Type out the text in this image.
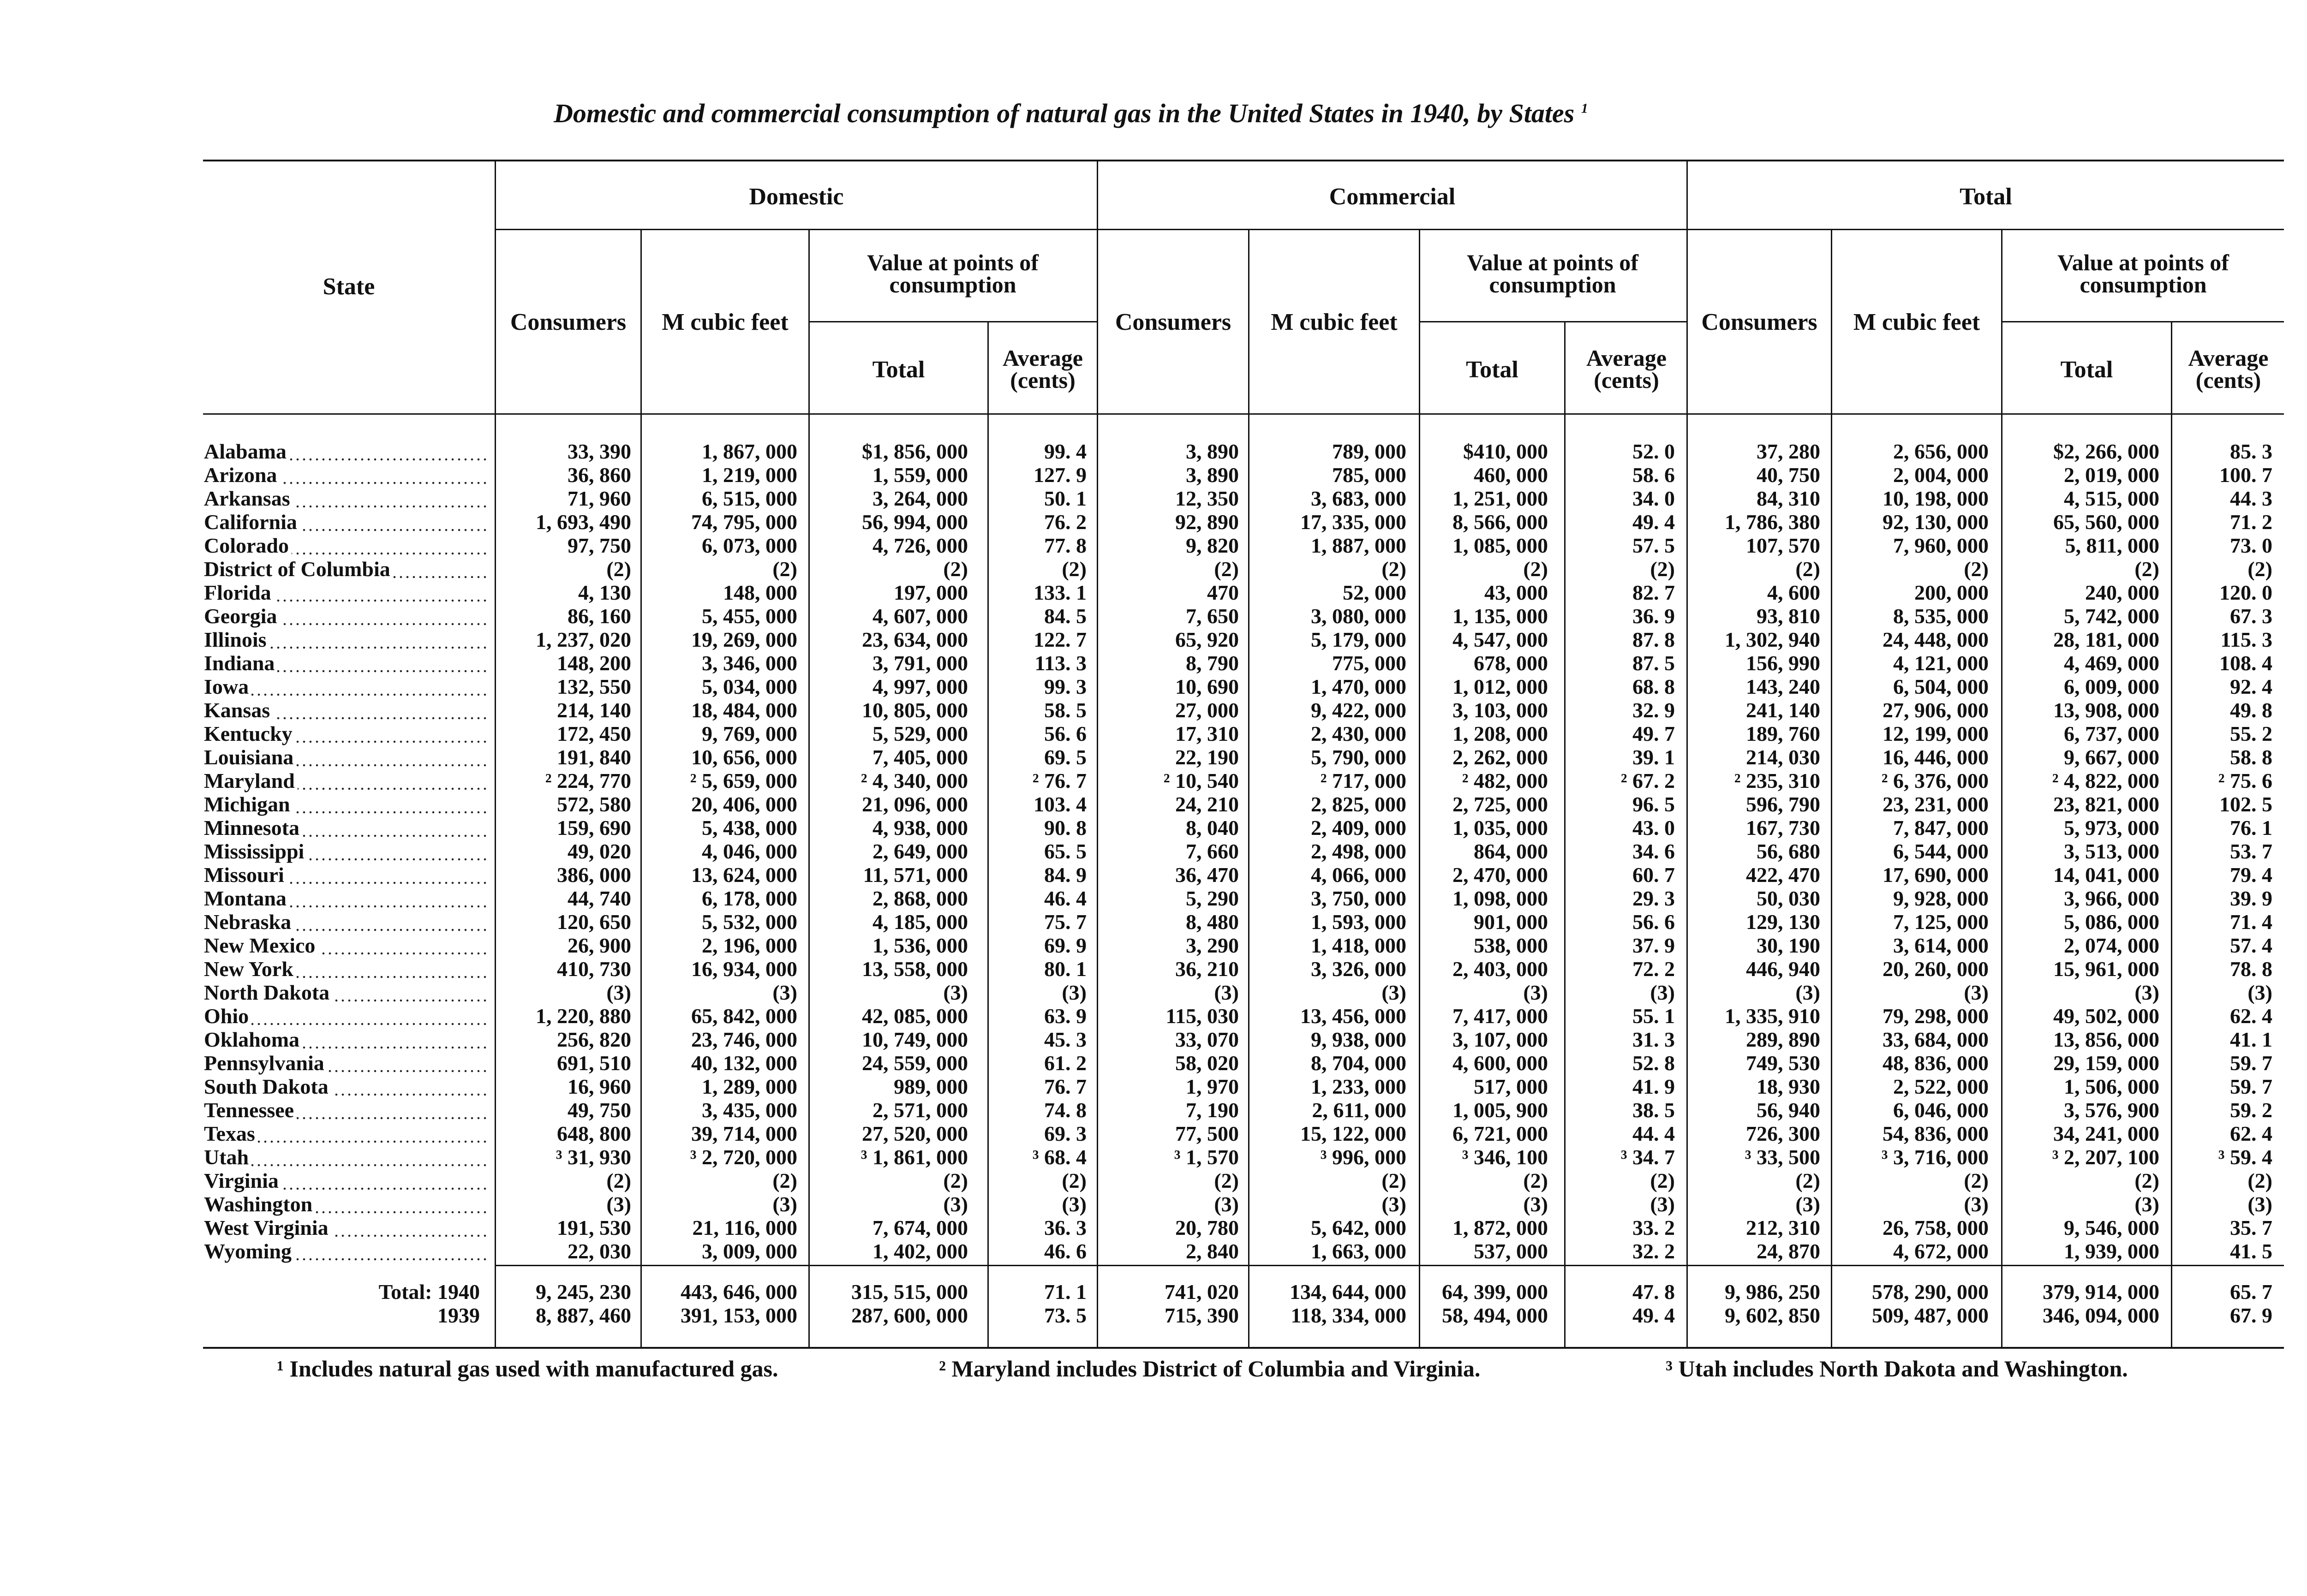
Domestic and commercial consumption of natural gas in the United States in 1940, by States $^1$
State
Domestic	Commercial	Total
Consumers	M cubic feet
Value at points of consumption
Total	Average (cents)
Consumers	M cubic feet
Value at points of consumption
Total	Average (cents)
Consumers	M cubic feet
Value at points of consumption
Total	Average (cents)
Alabama	33, 390	1, 867, 000	$1, 856, 000	99. 4	3, 890	789, 000	$410, 000	52. 0	37, 280	2, 656, 000	$2, 266, 000	85. 3
Arizona	36, 860	1, 219, 000	1, 559, 000	127. 9	3, 890	785, 000	460, 000	58. 6	40, 750	2, 004, 000	2, 019, 000	100. 7
Arkansas	71, 960	6, 515, 000	3, 264, 000	50. 1	12, 350	3, 683, 000	1, 251, 000	34. 0	84, 310	10, 198, 000	4, 515, 000	44. 3
California	1, 693, 490	74, 795, 000	56, 994, 000	76. 2	92, 890	17, 335, 000	8, 566, 000	49. 4	1, 786, 380	92, 130, 000	65, 560, 000	71. 2
Colorado	97, 750	6, 073, 000	4, 726, 000	77. 8	9, 820	1, 887, 000	1, 085, 000	57. 5	107, 570	7, 960, 000	5, 811, 000	73. 0
District of Columbia	(2)	(2)	(2)	(2)	(2)	(2)	(2)	(2)	(2)	(2)	(2)	(2)
Florida	4, 130	148, 000	197, 000	133. 1	470	52, 000	43, 000	82. 7	4, 600	200, 000	240, 000	120. 0
Georgia	86, 160	5, 455, 000	4, 607, 000	84. 5	7, 650	3, 080, 000	1, 135, 000	36. 9	93, 810	8, 535, 000	5, 742, 000	67. 3
Illinois	1, 237, 020	19, 269, 000	23, 634, 000	122. 7	65, 920	5, 179, 000	4, 547, 000	87. 8	1, 302, 940	24, 448, 000	28, 181, 000	115. 3
Indiana	148, 200	3, 346, 000	3, 791, 000	113. 3	8, 790	775, 000	678, 000	87. 5	156, 990	4, 121, 000	4, 469, 000	108. 4
Iowa	132, 550	5, 034, 000	4, 997, 000	99. 3	10, 690	1, 470, 000	1, 012, 000	68. 8	143, 240	6, 504, 000	6, 009, 000	92. 4
Kansas	214, 140	18, 484, 000	10, 805, 000	58. 5	27, 000	9, 422, 000	3, 103, 000	32. 9	241, 140	27, 906, 000	13, 908, 000	49. 8
Kentucky	172, 450	9, 769, 000	5, 529, 000	56. 6	17, 310	2, 430, 000	1, 208, 000	49. 7	189, 760	12, 199, 000	6, 737, 000	55. 2
Louisiana	191, 840	10, 656, 000	7, 405, 000	69. 5	22, 190	5, 790, 000	2, 262, 000	39. 1	214, 030	16, 446, 000	9, 667, 000	58. 8
Maryland	² 224, 770	² 5, 659, 000	² 4, 340, 000	² 76. 7	² 10, 540	² 717, 000	² 482, 000	² 67. 2	² 235, 310	² 6, 376, 000	² 4, 822, 000	² 75. 6
Michigan	572, 580	20, 406, 000	21, 096, 000	103. 4	24, 210	2, 825, 000	2, 725, 000	96. 5	596, 790	23, 231, 000	23, 821, 000	102. 5
Minnesota	159, 690	5, 438, 000	4, 938, 000	90. 8	8, 040	2, 409, 000	1, 035, 000	43. 0	167, 730	7, 847, 000	5, 973, 000	76. 1
Mississippi	49, 020	4, 046, 000	2, 649, 000	65. 5	7, 660	2, 498, 000	864, 000	34. 6	56, 680	6, 544, 000	3, 513, 000	53. 7
Missouri	386, 000	13, 624, 000	11, 571, 000	84. 9	36, 470	4, 066, 000	2, 470, 000	60. 7	422, 470	17, 690, 000	14, 041, 000	79. 4
Montana	44, 740	6, 178, 000	2, 868, 000	46. 4	5, 290	3, 750, 000	1, 098, 000	29. 3	50, 030	9, 928, 000	3, 966, 000	39. 9
Nebraska	120, 650	5, 532, 000	4, 185, 000	75. 7	8, 480	1, 593, 000	901, 000	56. 6	129, 130	7, 125, 000	5, 086, 000	71. 4
New Mexico	26, 900	2, 196, 000	1, 536, 000	69. 9	3, 290	1, 418, 000	538, 000	37. 9	30, 190	3, 614, 000	2, 074, 000	57. 4
New York	410, 730	16, 934, 000	13, 558, 000	80. 1	36, 210	3, 326, 000	2, 403, 000	72. 2	446, 940	20, 260, 000	15, 961, 000	78. 8
North Dakota	(3)	(3)	(3)	(3)	(3)	(3)	(3)	(3)	(3)	(3)	(3)	(3)
Ohio	1, 220, 880	65, 842, 000	42, 085, 000	63. 9	115, 030	13, 456, 000	7, 417, 000	55. 1	1, 335, 910	79, 298, 000	49, 502, 000	62. 4
Oklahoma	256, 820	23, 746, 000	10, 749, 000	45. 3	33, 070	9, 938, 000	3, 107, 000	31. 3	289, 890	33, 684, 000	13, 856, 000	41. 1
Pennsylvania	691, 510	40, 132, 000	24, 559, 000	61. 2	58, 020	8, 704, 000	4, 600, 000	52. 8	749, 530	48, 836, 000	29, 159, 000	59. 7
South Dakota	16, 960	1, 289, 000	989, 000	76. 7	1, 970	1, 233, 000	517, 000	41. 9	18, 930	2, 522, 000	1, 506, 000	59. 7
Tennessee	49, 750	3, 435, 000	2, 571, 000	74. 8	7, 190	2, 611, 000	1, 005, 900	38. 5	56, 940	6, 046, 000	3, 576, 900	59. 2
Texas	648, 800	39, 714, 000	27, 520, 000	69. 3	77, 500	15, 122, 000	6, 721, 000	44. 4	726, 300	54, 836, 000	34, 241, 000	62. 4
Utah	³ 31, 930	³ 2, 720, 000	³ 1, 861, 000	³ 68. 4	³ 1, 570	³ 996, 000	³ 346, 100	³ 34. 7	³ 33, 500	³ 3, 716, 000	³ 2, 207, 100	³ 59. 4
Virginia	(2)	(2)	(2)	(2)	(2)	(2)	(2)	(2)	(2)	(2)	(2)	(2)
Washington	(3)	(3)	(3)	(3)	(3)	(3)	(3)	(3)	(3)	(3)	(3)	(3)
West Virginia	191, 530	21, 116, 000	7, 674, 000	36. 3	20, 780	5, 642, 000	1, 872, 000	33. 2	212, 310	26, 758, 000	9, 546, 000	35. 7
Wyoming	22, 030	3, 009, 000	1, 402, 000	46. 6	2, 840	1, 663, 000	537, 000	32. 2	24, 870	4, 672, 000	1, 939, 000	41. 5
Total: 1940	9, 245, 230	443, 646, 000	315, 515, 000	71. 1	741, 020	134, 644, 000	64, 399, 000	47. 8	9, 986, 250	578, 290, 000	379, 914, 000	65. 7
1939	8, 887, 460	391, 153, 000	287, 600, 000	73. 5	715, 390	118, 334, 000	58, 494, 000	49. 4	9, 602, 850	509, 487, 000	346, 094, 000	67. 9
¹ Includes natural gas used with manufactured gas.	² Maryland includes District of Columbia and Virginia.	³ Utah includes North Dakota and Washington.
